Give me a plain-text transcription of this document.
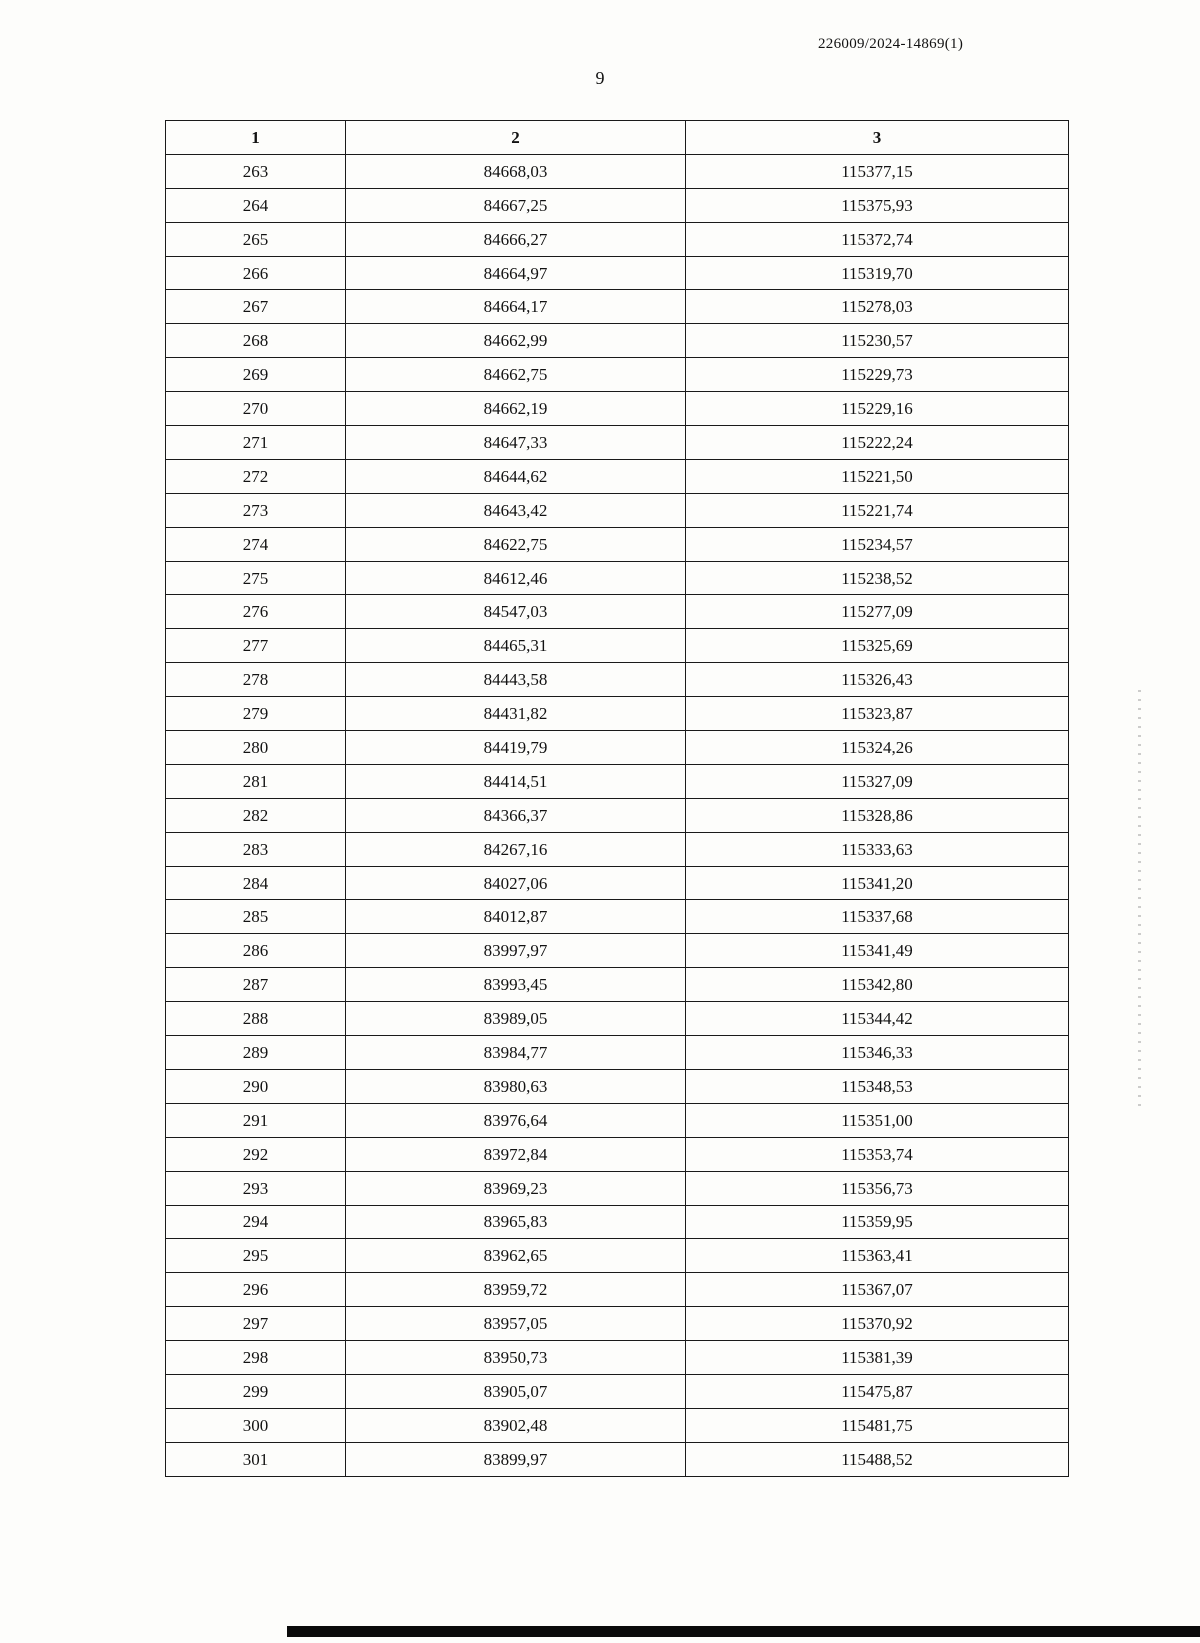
226009/2024-14869(1)
9
1	2	3
263	84668,03	115377,15
264	84667,25	115375,93
265	84666,27	115372,74
266	84664,97	115319,70
267	84664,17	115278,03
268	84662,99	115230,57
269	84662,75	115229,73
270	84662,19	115229,16
271	84647,33	115222,24
272	84644,62	115221,50
273	84643,42	115221,74
274	84622,75	115234,57
275	84612,46	115238,52
276	84547,03	115277,09
277	84465,31	115325,69
278	84443,58	115326,43
279	84431,82	115323,87
280	84419,79	115324,26
281	84414,51	115327,09
282	84366,37	115328,86
283	84267,16	115333,63
284	84027,06	115341,20
285	84012,87	115337,68
286	83997,97	115341,49
287	83993,45	115342,80
288	83989,05	115344,42
289	83984,77	115346,33
290	83980,63	115348,53
291	83976,64	115351,00
292	83972,84	115353,74
293	83969,23	115356,73
294	83965,83	115359,95
295	83962,65	115363,41
296	83959,72	115367,07
297	83957,05	115370,92
298	83950,73	115381,39
299	83905,07	115475,87
300	83902,48	115481,75
301	83899,97	115488,52
